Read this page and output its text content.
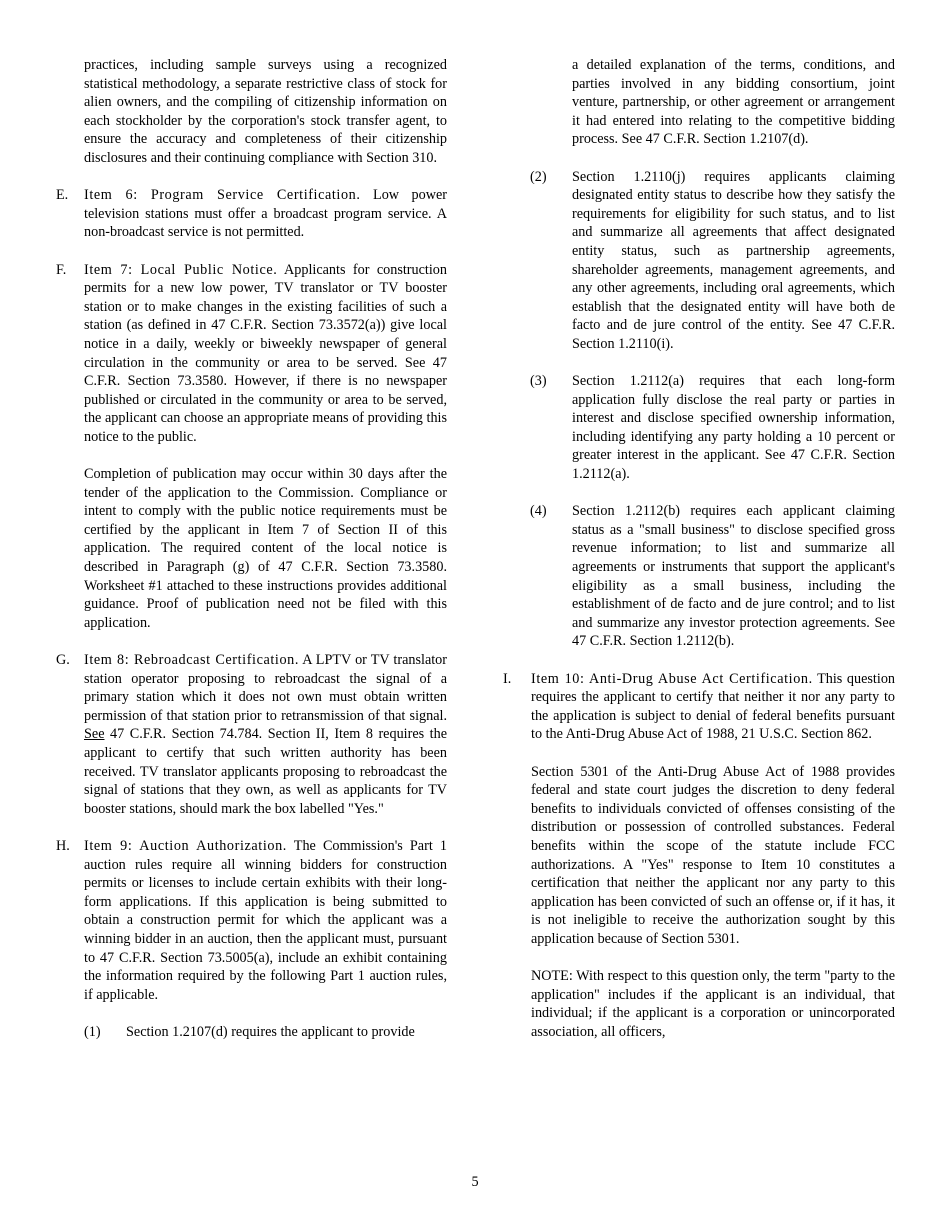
practices, including sample surveys using a recognized statistical methodology, a separate restrictive class of stock for alien owners, and the compiling of citizenship information on each stockholder by the corporation's stock transfer agent, to ensure the accuracy and completeness of their citizenship disclosures and their continuing compliance with Section 310.

E. Item 6: Program Service Certification. Low power television stations must offer a broadcast program service. A non-broadcast service is not permitted.

F. Item 7: Local Public Notice. Applicants for construction permits for a new low power, TV translator or TV booster station or to make changes in the existing facilities of such a station (as defined in 47 C.F.R. Section 73.3572(a)) give local notice in a daily, weekly or biweekly newspaper of general circulation in the community or area to be served. See 47 C.F.R. Section 73.3580. However, if there is no newspaper published or circulated in the community or area to be served, the applicant can choose an appropriate means of providing this notice to the public.

Completion of publication may occur within 30 days after the tender of the application to the Commission. Compliance or intent to comply with the public notice requirements must be certified by the applicant in Item 7 of Section II of this application. The required content of the local notice is described in Paragraph (g) of 47 C.F.R. Section 73.3580. Worksheet #1 attached to these instructions provides additional guidance. Proof of publication need not be filed with this application.

G. Item 8: Rebroadcast Certification. A LPTV or TV translator station operator proposing to rebroadcast the signal of a primary station which it does not own must obtain written permission of that station prior to retransmission of that signal. See 47 C.F.R. Section 74.784. Section II, Item 8 requires the applicant to certify that such written authority has been received. TV translator applicants proposing to rebroadcast the signal of stations that they own, as well as applicants for TV booster stations, should mark the box labelled "Yes."

H. Item 9: Auction Authorization. The Commission's Part 1 auction rules require all winning bidders for construction permits or licenses to include certain exhibits with their long-form applications. If this application is being submitted to obtain a construction permit for which the applicant was a winning bidder in an auction, then the applicant must, pursuant to 47 C.F.R. Section 73.5005(a), include an exhibit containing the information required by the following Part 1 auction rules, if applicable.

(1) Section 1.2107(d) requires the applicant to provide

a detailed explanation of the terms, conditions, and parties involved in any bidding consortium, joint venture, partnership, or other agreement or arrangement it had entered into relating to the competitive bidding process. See 47 C.F.R. Section 1.2107(d).

(2) Section 1.2110(j) requires applicants claiming designated entity status to describe how they satisfy the requirements for eligibility for such status, and to list and summarize all agreements that affect designated entity status, such as partnership agreements, shareholder agreements, management agreements, and any other agreements, including oral agreements, which establish that the designated entity will have both de facto and de jure control of the entity. See 47 C.F.R. Section 1.2110(i).

(3) Section 1.2112(a) requires that each long-form application fully disclose the real party or parties in interest and disclose specified ownership information, including identifying any party holding a 10 percent or greater interest in the applicant. See 47 C.F.R. Section 1.2112(a).

(4) Section 1.2112(b) requires each applicant claiming status as a "small business" to disclose specified gross revenue information; to list and summarize all agreements or instruments that support the applicant's eligibility as a small business, including the establishment of de facto and de jure control; and to list and summarize any investor protection agreements. See 47 C.F.R. Section 1.2112(b).

I. Item 10: Anti-Drug Abuse Act Certification. This question requires the applicant to certify that neither it nor any party to the application is subject to denial of federal benefits pursuant to the Anti-Drug Abuse Act of 1988, 21 U.S.C. Section 862.

Section 5301 of the Anti-Drug Abuse Act of 1988 provides federal and state court judges the discretion to deny federal benefits to individuals convicted of offenses consisting of the distribution or possession of controlled substances. Federal benefits within the scope of the statute include FCC authorizations. A "Yes" response to Item 10 constitutes a certification that neither the applicant nor any party to this application has been convicted of such an offense or, if it has, it is not ineligible to receive the authorization sought by this application because of Section 5301.

NOTE: With respect to this question only, the term "party to the application" includes if the applicant is an individual, that individual; if the applicant is a corporation or unincorporated association, all officers,

5
